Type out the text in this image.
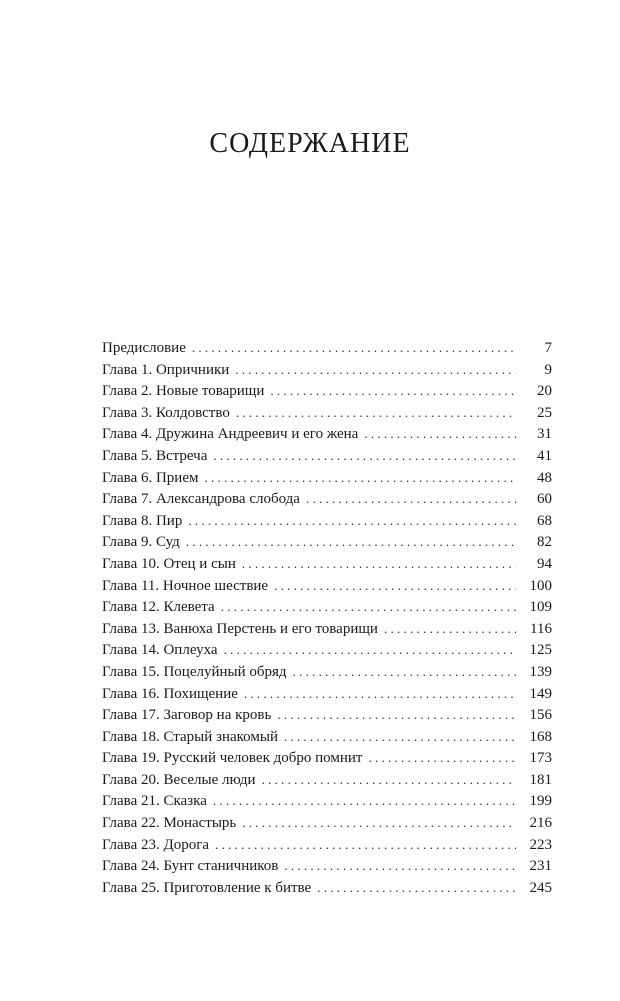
СОДЕРЖАНИЕ
Предисловие . . .	7
Глава 1. Опричники . . .	9
Глава 2. Новые товарищи . . .	20
Глава 3. Колдовство . . .	25
Глава 4. Дружина Андреевич и его жена . . .	31
Глава 5. Встреча . . .	41
Глава 6. Прием . . .	48
Глава 7. Александрова слобода . . .	60
Глава 8. Пир . . .	68
Глава 9. Суд . . .	82
Глава 10. Отец и сын . . .	94
Глава 11. Ночное шествие . . .	100
Глава 12. Клевета . . .	109
Глава 13. Ванюха Перстень и его товарищи . . .	116
Глава 14. Оплеуха . . .	125
Глава 15. Поцелуйный обряд . . .	139
Глава 16. Похищение . . .	149
Глава 17. Заговор на кровь . . .	156
Глава 18. Старый знакомый . . .	168
Глава 19. Русский человек добро помнит . . .	173
Глава 20. Веселые люди . . .	181
Глава 21. Сказка . . .	199
Глава 22. Монастырь . . .	216
Глава 23. Дорога . . .	223
Глава 24. Бунт станичников . . .	231
Глава 25. Приготовление к битве . . .	245
